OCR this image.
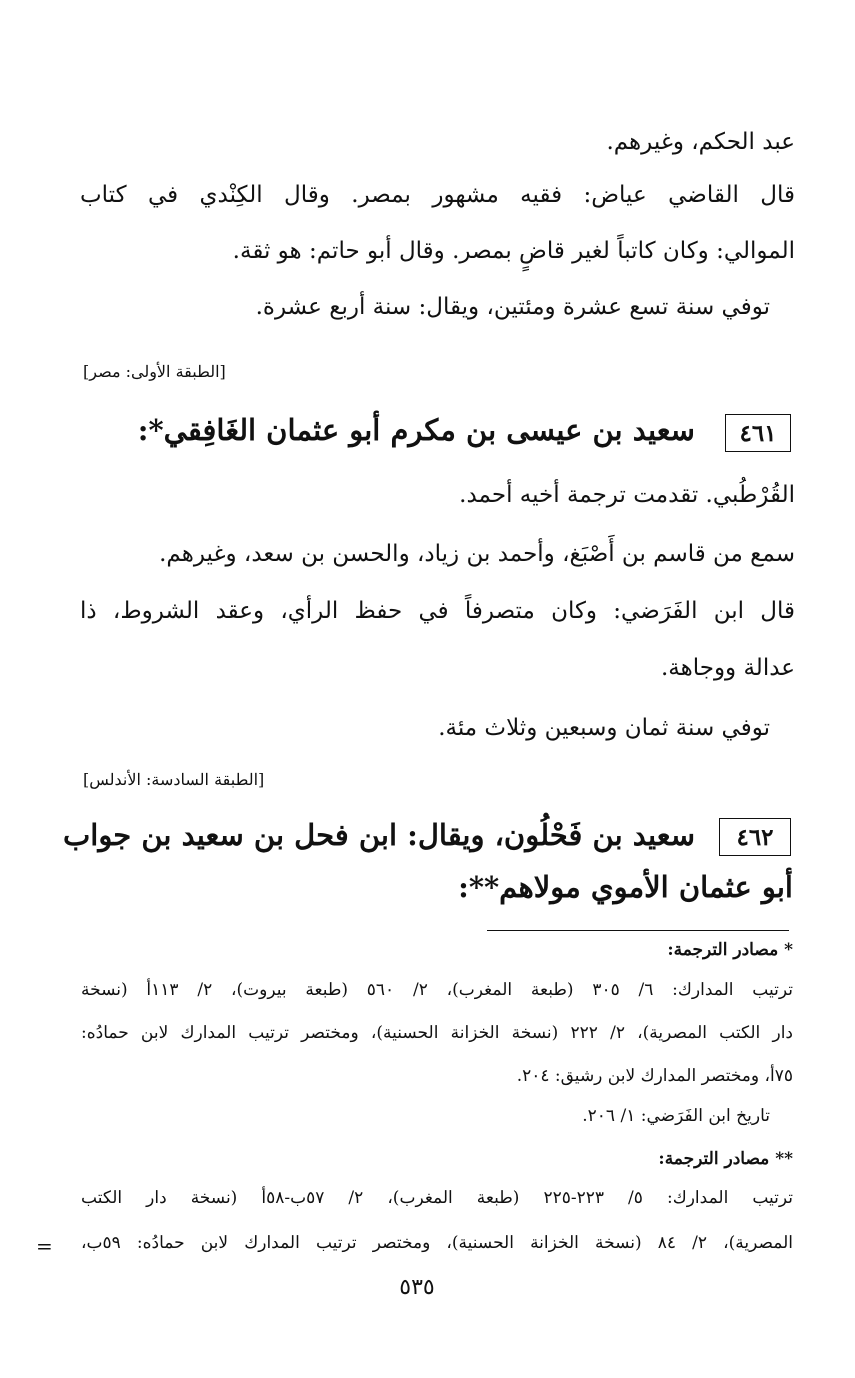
عبد الحكم، وغيرهم.
قال القاضي عياض: فقيه مشهور بمصر. وقال الكِنْدي في كتاب
الموالي: وكان كاتباً لغير قاضٍ بمصر. وقال أبو حاتم: هو ثقة.
توفي سنة تسع عشرة ومئتين، ويقال: سنة أربع عشرة.
[الطبقة الأولى: مصر]
٤٦١
سعيد بن عيسى بن مكرم أبو عثمان الغَافِقي*:
القُرْطُبي. تقدمت ترجمة أخيه أحمد.
سمع من قاسم بن أَصْبَغ، وأحمد بن زياد، والحسن بن سعد، وغيرهم.
قال ابن الفَرَضي: وكان متصرفاً في حفظ الرأي، وعقد الشروط، ذا
عدالة ووجاهة.
توفي سنة ثمان وسبعين وثلاث مئة.
[الطبقة السادسة: الأندلس]
٤٦٢
سعيد بن فَحْلُون، ويقال: ابن فحل بن سعيد بن جواب
أبو عثمان الأموي مولاهم**:
* مصادر الترجمة:
ترتيب المدارك: ٦/ ٣٠٥ (طبعة المغرب)، ٢/ ٥٦٠ (طبعة بيروت)، ٢/ ١١٣أ (نسخة
دار الكتب المصرية)، ٢/ ٢٢٢ (نسخة الخزانة الحسنية)، ومختصر ترتيب المدارك لابن حمادُه:
٧٥أ، ومختصر المدارك لابن رشيق: ٢٠٤.
تاريخ ابن الفَرَضي: ١/ ٢٠٦.
** مصادر الترجمة:
ترتيب المدارك: ٥/ ٢٢٣-٢٢٥ (طبعة المغرب)، ٢/ ٥٧ب-٥٨أ (نسخة دار الكتب
المصرية)، ٢/ ٨٤ (نسخة الخزانة الحسنية)، ومختصر ترتيب المدارك لابن حمادُه: ٥٩ب،
=
٥٣٥
